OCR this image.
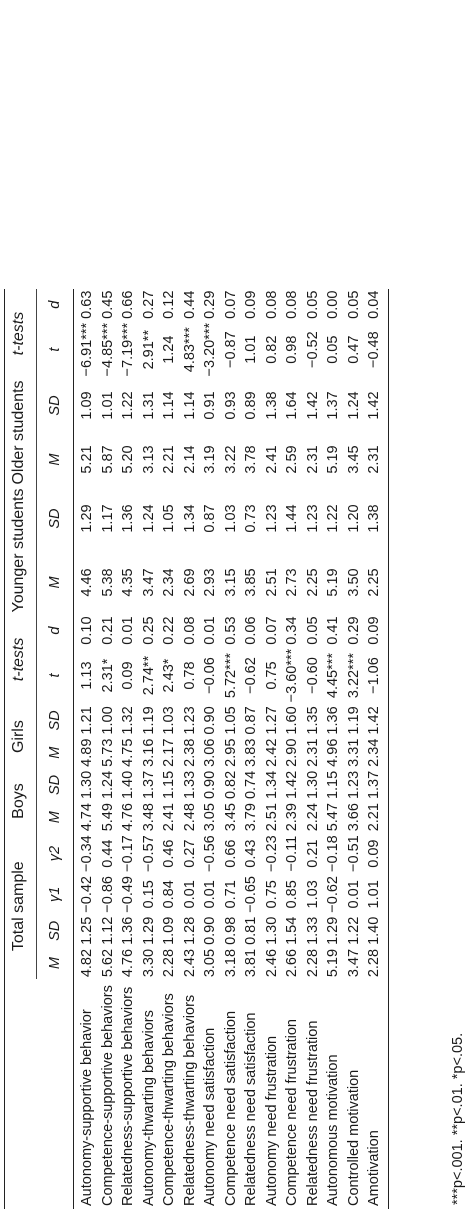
	Total sample				Boys		Girls		t-tests		Younger students		Older students		t-tests	
	M	SD	γ1	γ2	M	SD	M	SD	t	d	M	SD	M	SD	t	d
Autonomy-supportive behavior	4.82	1.25	−0.42	−0.34	4.74	1.30	4.89	1.21	1.13	0.10	4.46	1.29	5.21	1.09	−6.91***	0.63
Competence-supportive behaviors	5.62	1.12	−0.86	0.44	5.49	1.24	5.73	1.00	2.31*	0.21	5.38	1.17	5.87	1.01	−4.85***	0.45
Relatedness-supportive behaviors	4.76	1.36	−0.49	−0.17	4.76	1.40	4.75	1.32	0.09	0.01	4.35	1.36	5.20	1.22	−7.19***	0.66
Autonomy-thwarting behaviors	3.30	1.29	0.15	−0.57	3.48	1.37	3.16	1.19	2.74**	0.25	3.47	1.24	3.13	1.31	2.91**	0.27
Competence-thwarting behaviors	2.28	1.09	0.84	0.46	2.41	1.15	2.17	1.03	2.43*	0.22	2.34	1.05	2.21	1.14	1.24	0.12
Relatedness-thwarting behaviors	2.43	1.28	0.01	0.27	2.48	1.33	2.38	1.23	0.78	0.08	2.69	1.34	2.14	1.14	4.83***	0.44
Autonomy need satisfaction	3.05	0.90	0.01	−0.56	3.05	0.90	3.06	0.90	−0.06	0.01	2.93	0.87	3.19	0.91	−3.20***	0.29
Competence need satisfaction	3.18	0.98	0.71	0.66	3.45	0.82	2.95	1.05	5.72***	0.53	3.15	1.03	3.22	0.93	−0.87	0.07
Relatedness need satisfaction	3.81	0.81	−0.65	0.43	3.79	0.74	3.83	0.87	−0.62	0.06	3.85	0.73	3.78	0.89	1.01	0.09
Autonomy need frustration	2.46	1.30	0.75	−0.23	2.51	1.34	2.42	1.27	0.75	0.07	2.51	1.23	2.41	1.38	0.82	0.08
Competence need frustration	2.66	1.54	0.85	−0.11	2.39	1.42	2.90	1.60	−3.60***	0.34	2.73	1.44	2.59	1.64	0.98	0.08
Relatedness need frustration	2.28	1.33	1.03	0.21	2.24	1.30	2.31	1.35	−0.60	0.05	2.25	1.23	2.31	1.42	−0.52	0.05
Autonomous motivation	5.19	1.29	−0.62	−0.18	5.47	1.15	4.96	1.36	4.45***	0.41	5.19	1.22	5.19	1.37	0.05	0.00
Controlled motivation	3.47	1.22	0.01	−0.51	3.66	1.23	3.31	1.19	3.22***	0.29	3.50	1.20	3.45	1.24	0.47	0.05
Amotivation	2.28	1.40	1.01	0.09	2.21	1.37	2.34	1.42	−1.06	0.09	2.25	1.38	2.31	1.42	−0.48	0.04
***p<.001. **p<.01. *p<.05.
